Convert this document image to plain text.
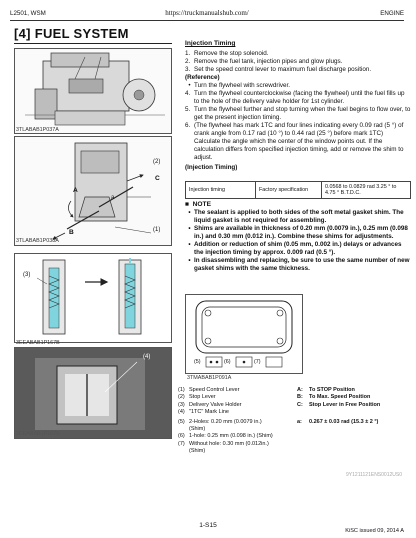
L2501, WSM	https://truckmanualshub.com/	ENGINE
[4] FUEL SYSTEM
3TLABAB1P037A
(2)
C
A
a
B	(1)
3TLABAB1P038A
(3)
3EEABAB1P167B
(4)
3EEABAB1P167B
Injection Timing
1. Remove the stop solenoid.
2. Remove the fuel tank, injection pipes and glow plugs.
3. Set the speed control lever to maximum fuel discharge position.
(Reference)
• Turn the flywheel with screwdriver.
4. Turn the flywheel counterclockwise (facing the flywheel) until the fuel fills up to the hole of the delivery valve holder for 1st cylinder.
5. Turn the flywheel further and stop turning when the fuel begins to flow over, to get the present injection timing.
6. (The flywheel has mark 1TC and four lines indicating every 0.09 rad (5 °) of crank angle from 0.17 rad (10 °) to 0.44 rad (25 °) before mark 1TC) Calculate the angle which the center of the window points out. If the calculation differs from specified injection timing, add or remove the shim to adjust.
(Injection Timing)
Injection timing	Factory specification	0.0568 to 0.0829 rad 3.25 ° to 4.75 ° B.T.D.C.
■  NOTE
• The sealant is applied to both sides of the soft metal gasket shim. The liquid gasket is not required for assembling.
• Shims are available in thickness of 0.20 mm (0.0079 in.), 0.25 mm (0.098 in.) and 0.30 mm (0.012 in.). Combine these shims for adjustments.
• Addition or reduction of shim (0.05 mm, 0.002 in.) delays or advances the injection timing by approx. 0.009 rad (0.5 °).
• In disassembling and replacing, be sure to use the same number of new gasket shims with the same thickness.
(5)	(6)	(7)
3TMABAB1P091A
(1) Speed Control Lever	A:	To STOP Position
(2) Stop Lever	B:	To Max. Speed Position
(3) Delivery Valve Holder	C:	Stop Lever in Free Position
(4) "1TC" Mark Line
(5) 2-Holes: 0.20 mm (0.0079 in.)	a:	0.267 ± 0.03 rad (15.3 ± 2 °)
(Shim)
(6) 1-hole: 0.25 mm (0.098 in.) (Shim)
(7) Without hole: 0.30 mm (0.012in.)
(Shim)
9Y1211121ENS0012US0
1-S15
KiSC issued 09, 2014 A
